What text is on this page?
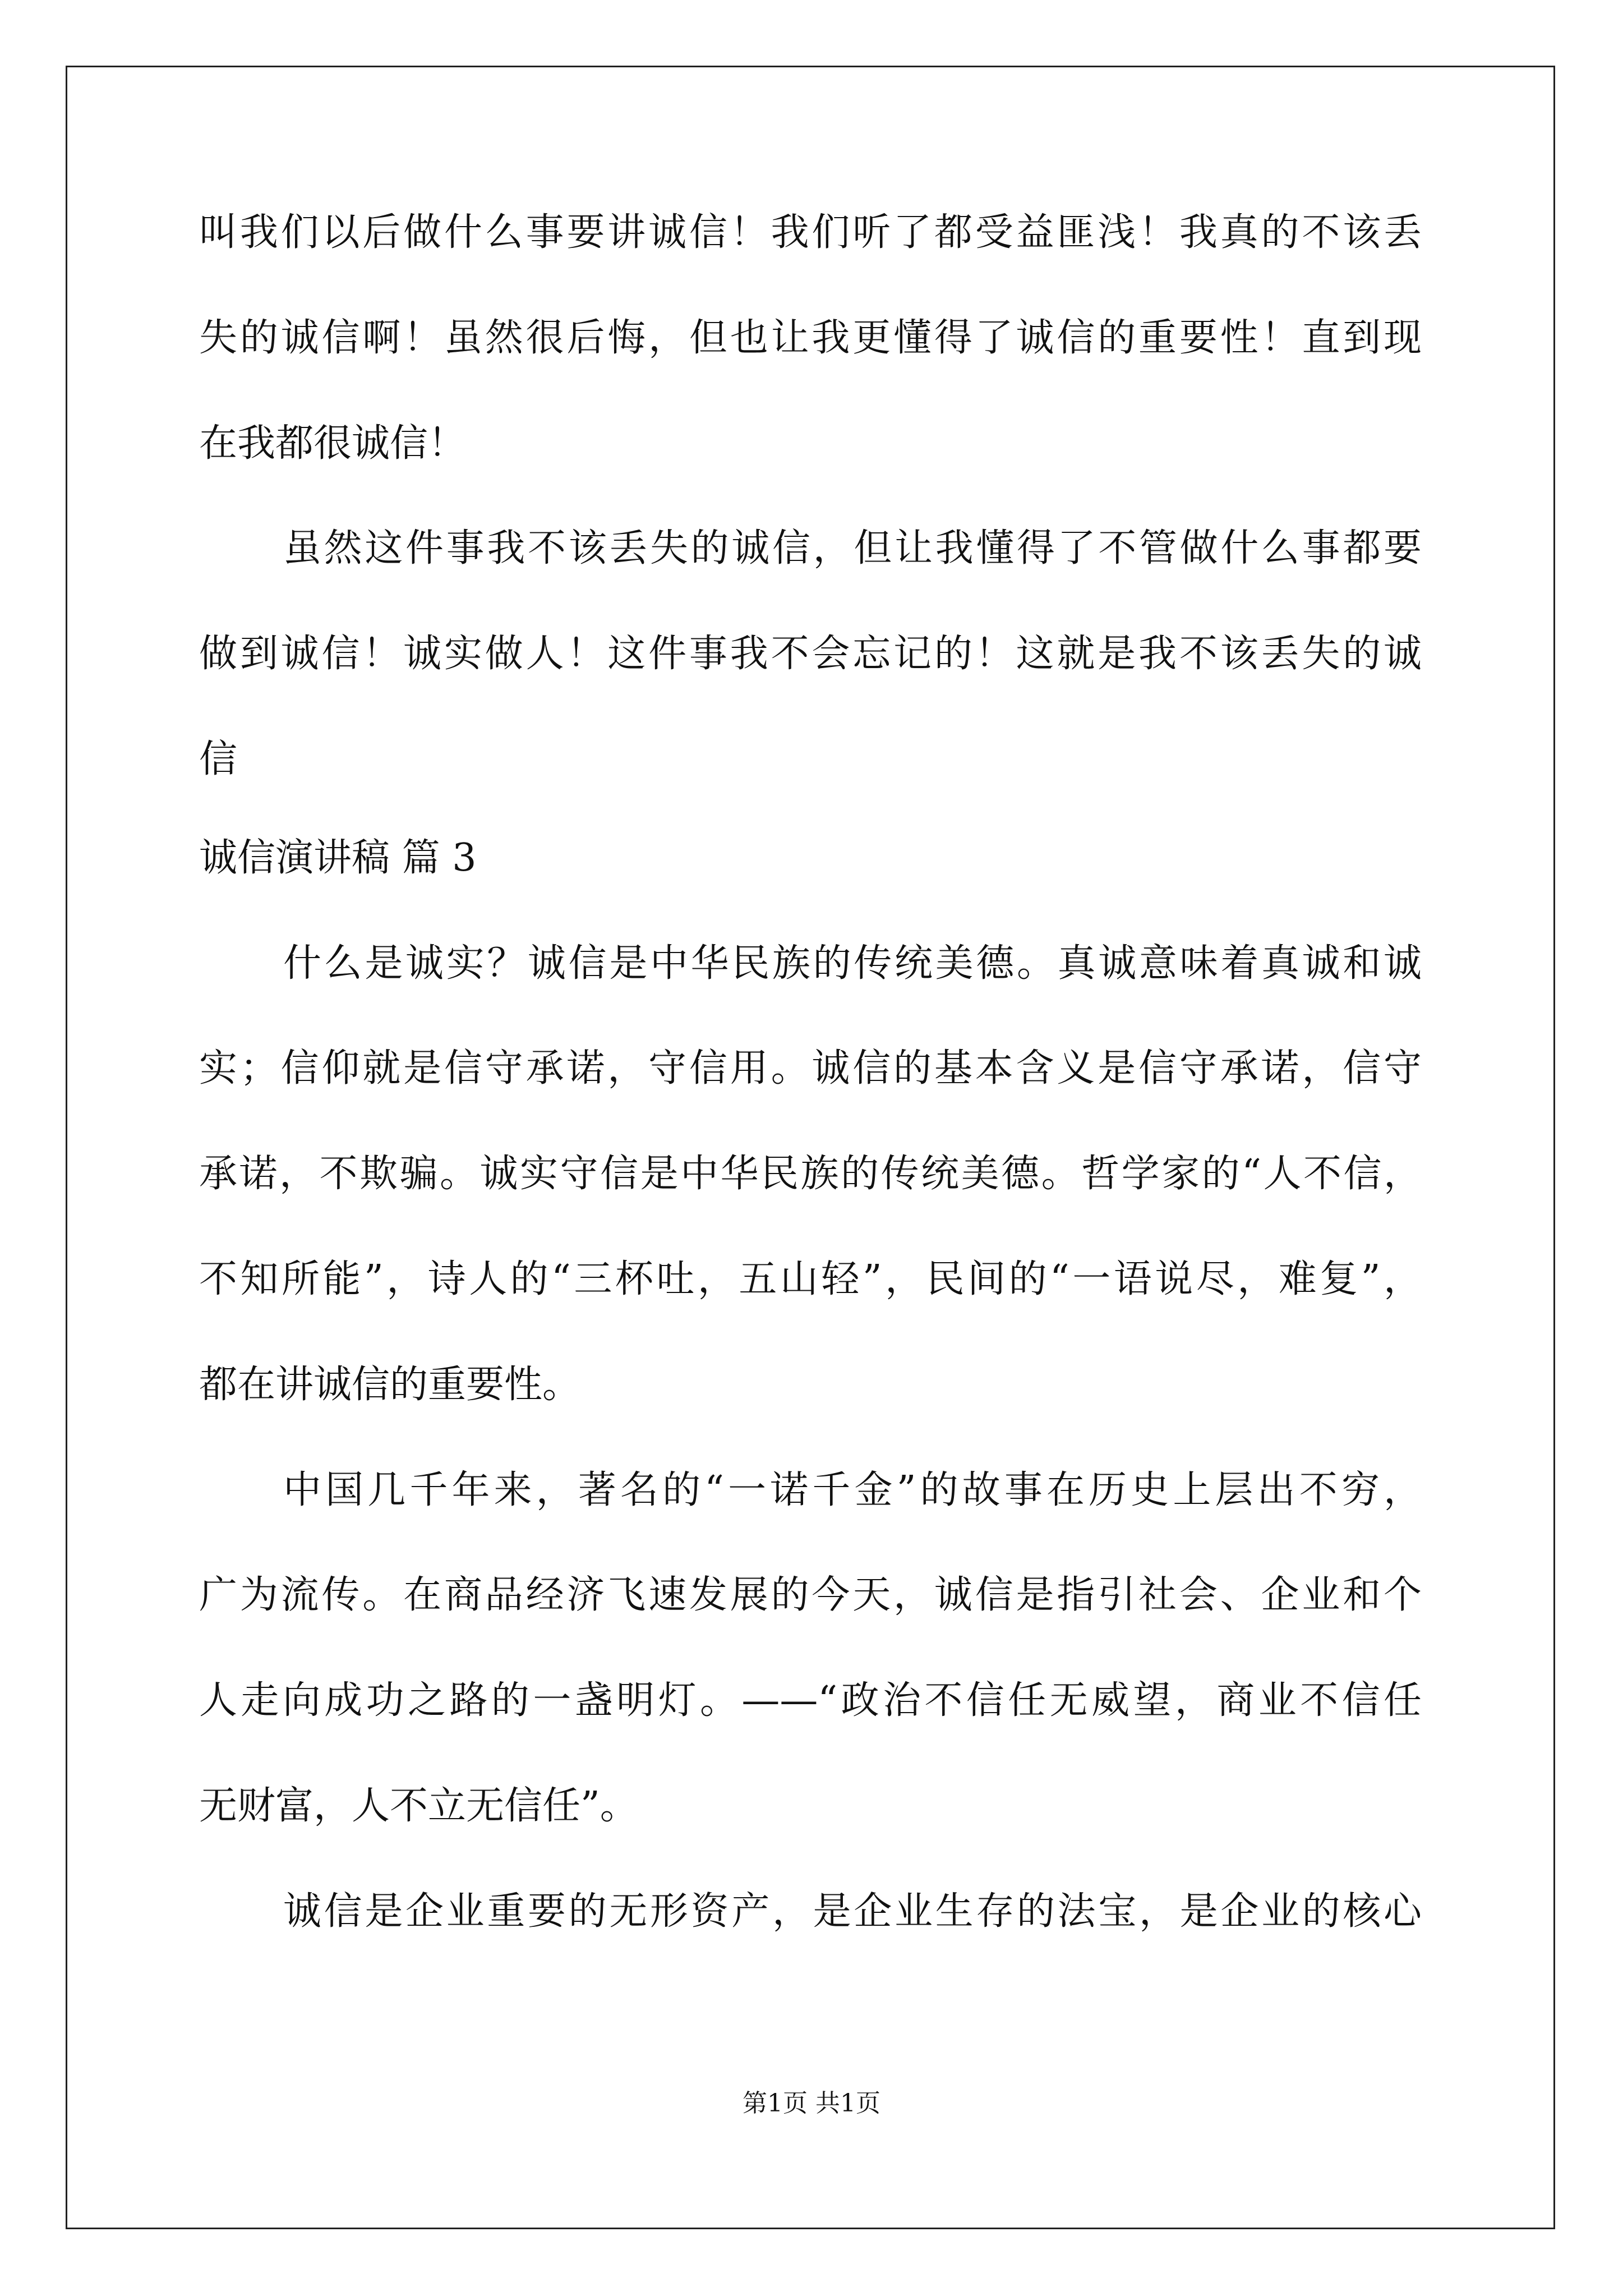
叫我们以后做什么事要讲诚信！我们听了都受益匪浅！我真的不该丢
失的诚信啊！虽然很后悔，但也让我更懂得了诚信的重要性！直到现
在我都很诚信！
虽然这件事我不该丢失的诚信，但让我懂得了不管做什么事都要
做到诚信！诚实做人！这件事我不会忘记的！这就是我不该丢失的诚
信
诚信演讲稿 篇 3
什么是诚实？诚信是中华民族的传统美德。真诚意味着真诚和诚
实；信仰就是信守承诺，守信用。诚信的基本含义是信守承诺，信守
承诺，不欺骗。诚实守信是中华民族的传统美德。哲学家的“人不信，
不知所能”，诗人的“三杯吐，五山轻”，民间的“一语说尽，难复”，
都在讲诚信的重要性。
中国几千年来，著名的“一诺千金”的故事在历史上层出不穷，
广为流传。在商品经济飞速发展的今天，诚信是指引社会、企业和个
人走向成功之路的一盏明灯。——“政治不信任无威望，商业不信任
无财富，人不立无信任”。
诚信是企业重要的无形资产，是企业生存的法宝，是企业的核心
第1页 共1页
